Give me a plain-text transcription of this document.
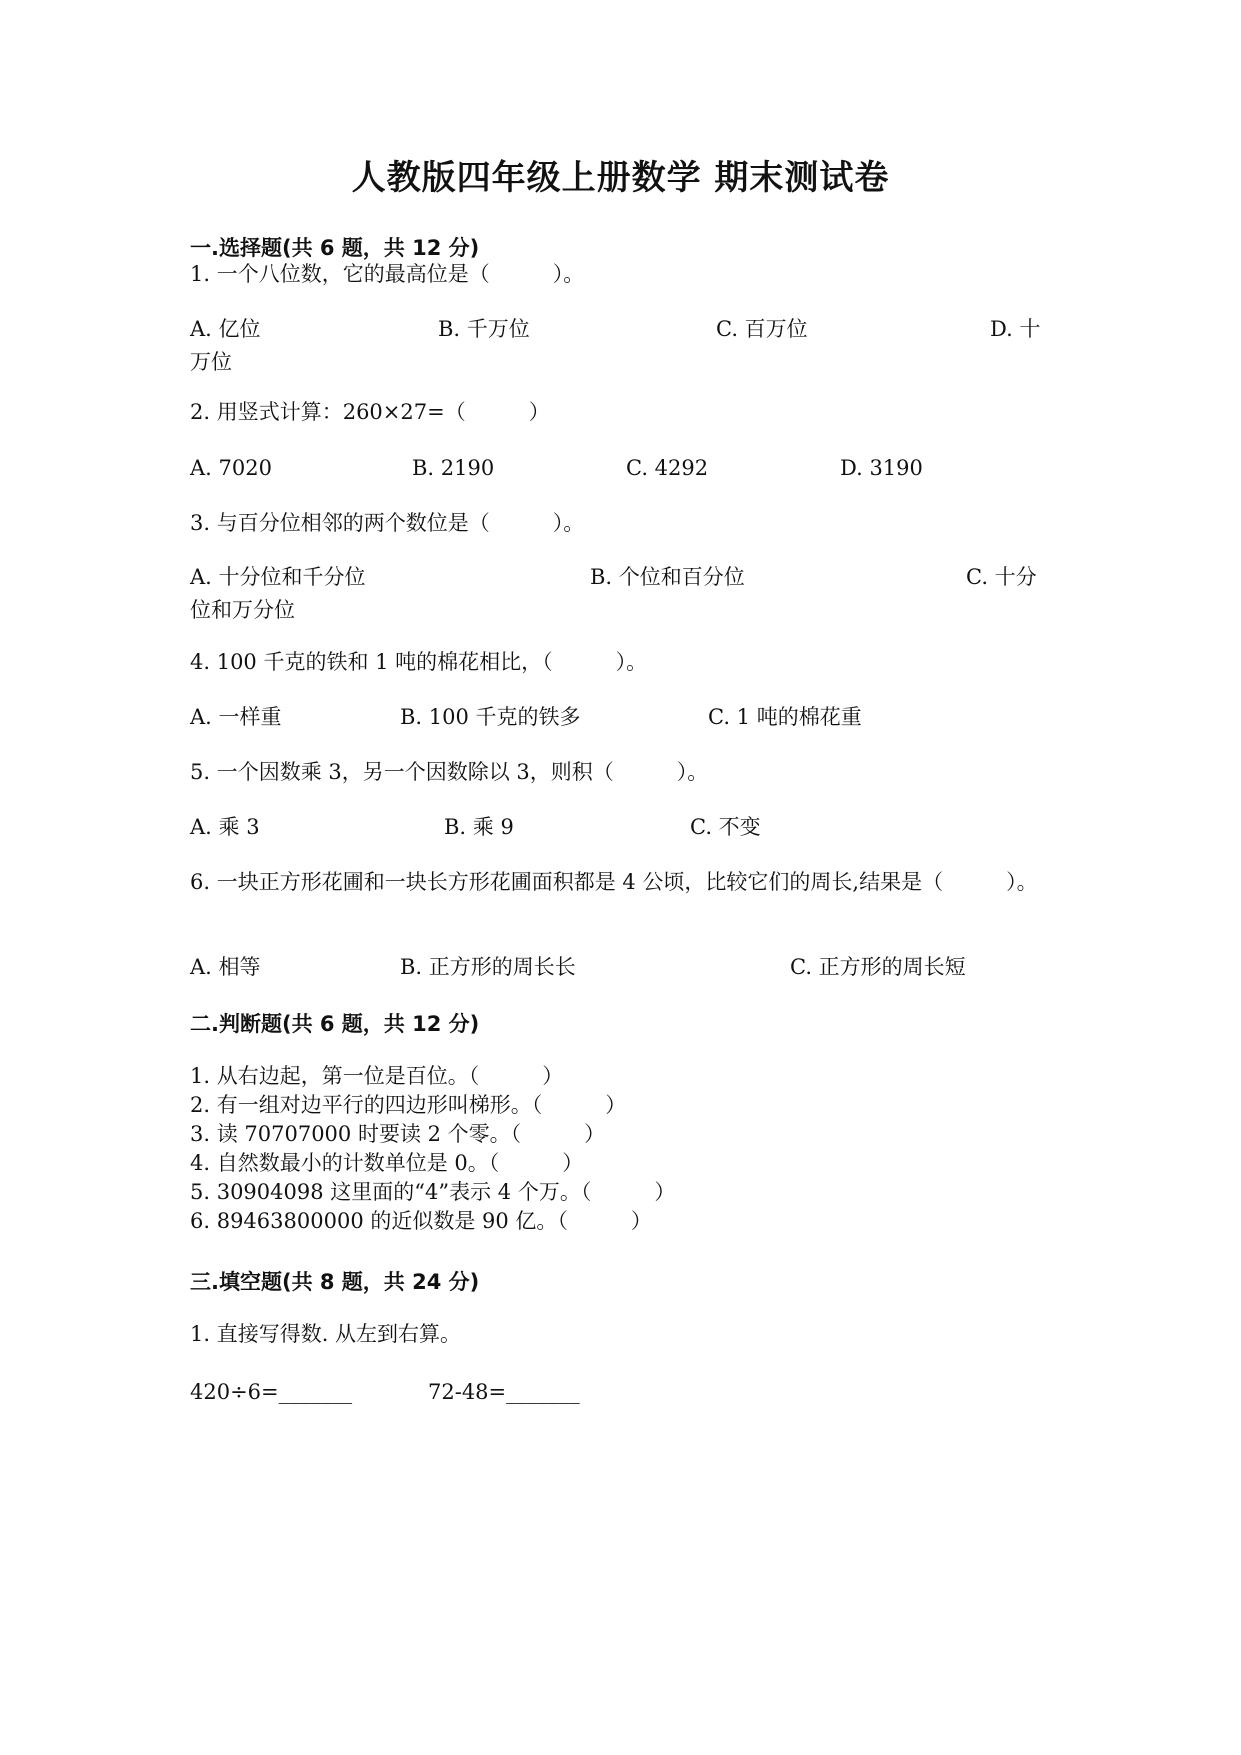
人教版四年级上册数学 期末测试卷
一.选择题(共 6 题，共 12 分)
1. 一个八位数，它的最高位是（　　　）。
A. 亿位	B. 千万位	C. 百万位	D. 十
万位
2. 用竖式计算：260×27=（　　　）
A. 7020	B. 2190	C. 4292	D. 3190
3. 与百分位相邻的两个数位是（　　　）。
A. 十分位和千分位	B. 个位和百分位	C. 十分
位和万分位
4. 100 千克的铁和 1 吨的棉花相比，（　　　）。
A. 一样重	B. 100 千克的铁多	C. 1 吨的棉花重
5. 一个因数乘 3，另一个因数除以 3，则积（　　　）。
A. 乘 3	B. 乘 9	C. 不变
6. 一块正方形花圃和一块长方形花圃面积都是 4 公顷，比较它们的周长,结果是（　　　）。
A. 相等	B. 正方形的周长长	C. 正方形的周长短
二.判断题(共 6 题，共 12 分)
1. 从右边起，第一位是百位。（　　　）
2. 有一组对边平行的四边形叫梯形。（　　　）
3. 读 70707000 时要读 2 个零。（　　　）
4. 自然数最小的计数单位是 0。（　　　）
5. 30904098 这里面的“4”表示 4 个万。（　　　）
6. 89463800000 的近似数是 90 亿。（　　　）
三.填空题(共 8 题，共 24 分)
1. 直接写得数. 从左到右算。
420÷6=_______	72-48=_______
